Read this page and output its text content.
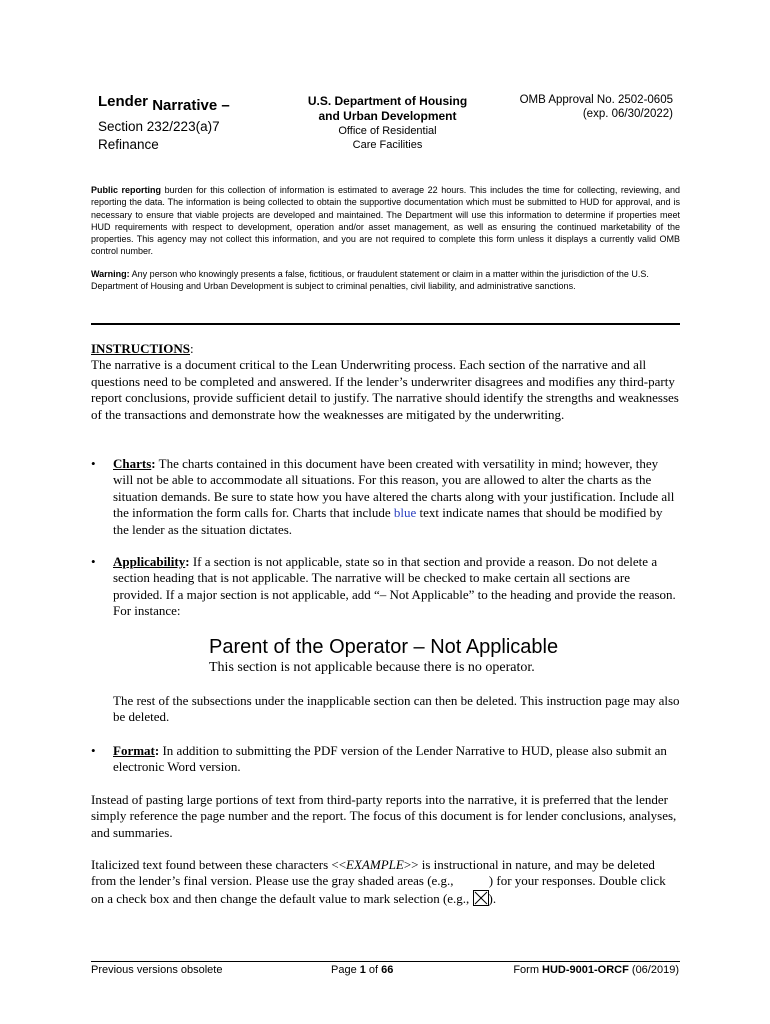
Lender Narrative –
Section 232/223(a)7
Refinance
U.S. Department of Housing
and Urban Development
Office of Residential
Care Facilities
OMB Approval No. 2502-0605
(exp. 06/30/2022)
Public reporting burden for this collection of information is estimated to average 22 hours. This includes the time for collecting, reviewing, and reporting the data. The information is being collected to obtain the supportive documentation which must be submitted to HUD for approval, and is necessary to ensure that viable projects are developed and maintained. The Department will use this information to determine if properties meet HUD requirements with respect to development, operation and/or asset management, as well as ensuring the continued marketability of the properties. This agency may not collect this information, and you are not required to complete this form unless it displays a currently valid OMB control number.
Warning: Any person who knowingly presents a false, fictitious, or fraudulent statement or claim in a matter within the jurisdiction of the U.S. Department of Housing and Urban Development is subject to criminal penalties, civil liability, and administrative sanctions.

INSTRUCTIONS:

The narrative is a document critical to the Lean Underwriting process. Each section of the narrative and all questions need to be completed and answered. If the lender’s underwriter disagrees and modifies any third-party report conclusions, provide sufficient detail to justify. The narrative should identify the strengths and weaknesses of the transactions and demonstrate how the weaknesses are mitigated by the underwriting.

• Charts: The charts contained in this document have been created with versatility in mind; however, they will not be able to accommodate all situations. For this reason, you are allowed to alter the charts as the situation demands. Be sure to state how you have altered the charts along with your justification. Include all the information the form calls for. Charts that include blue text indicate names that should be modified by the lender as the situation dictates.
• Applicability: If a section is not applicable, state so in that section and provide a reason. Do not delete a section heading that is not applicable. The narrative will be checked to make certain all sections are provided. If a major section is not applicable, add “– Not Applicable” to the heading and provide the reason. For instance:
Parent of the Operator – Not Applicable
This section is not applicable because there is no operator.
The rest of the subsections under the inapplicable section can then be deleted. This instruction page may also be deleted.
• Format: In addition to submitting the PDF version of the Lender Narrative to HUD, please also submit an electronic Word version.
Instead of pasting large portions of text from third-party reports into the narrative, it is preferred that the lender simply reference the page number and the report. The focus of this document is for lender conclusions, analyses, and summaries.
Italicized text found between these characters <<EXAMPLE>> is instructional in nature, and may be deleted from the lender’s final version. Please use the gray shaded areas (e.g., ) for your responses. Double click on a check box and then change the default value to mark selection (e.g.,
).
Previous versions obsolete	Page 1 of 66	Form HUD-9001-ORCF (06/2019)
